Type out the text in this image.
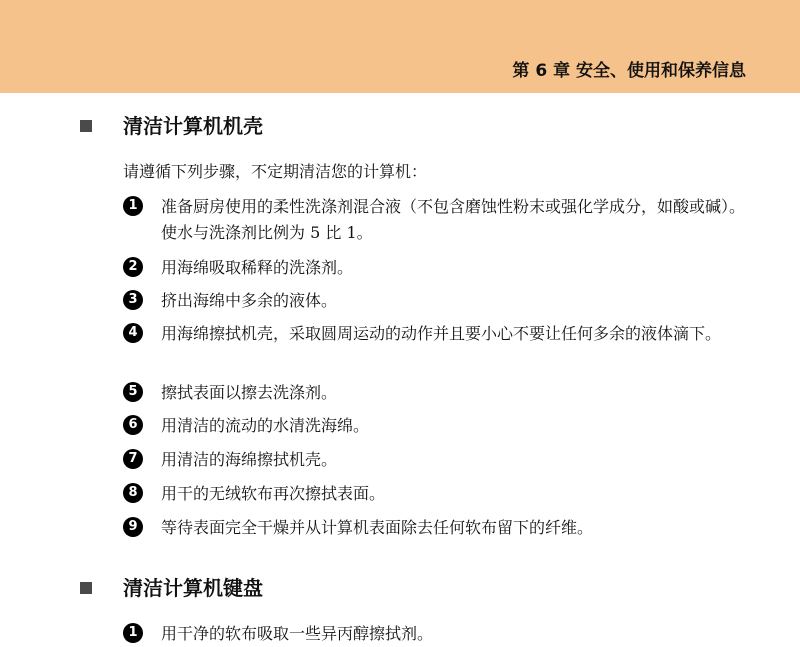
第 6 章 安全、使用和保养信息
清洁计算机机壳
请遵循下列步骤，不定期清洁您的计算机：
1	准备厨房使用的柔性洗涤剂混合液（不包含磨蚀性粉末或强化学成分，如酸或碱）。使水与洗涤剂比例为 5 比 1。
2	用海绵吸取稀释的洗涤剂。
3	挤出海绵中多余的液体。
4	用海绵擦拭机壳，采取圆周运动的动作并且要小心不要让任何多余的液体滴下。
5	擦拭表面以擦去洗涤剂。
6	用清洁的流动的水清洗海绵。
7	用清洁的海绵擦拭机壳。
8	用干的无绒软布再次擦拭表面。
9	等待表面完全干燥并从计算机表面除去任何软布留下的纤维。
清洁计算机键盘
1	用干净的软布吸取一些异丙醇擦拭剂。
